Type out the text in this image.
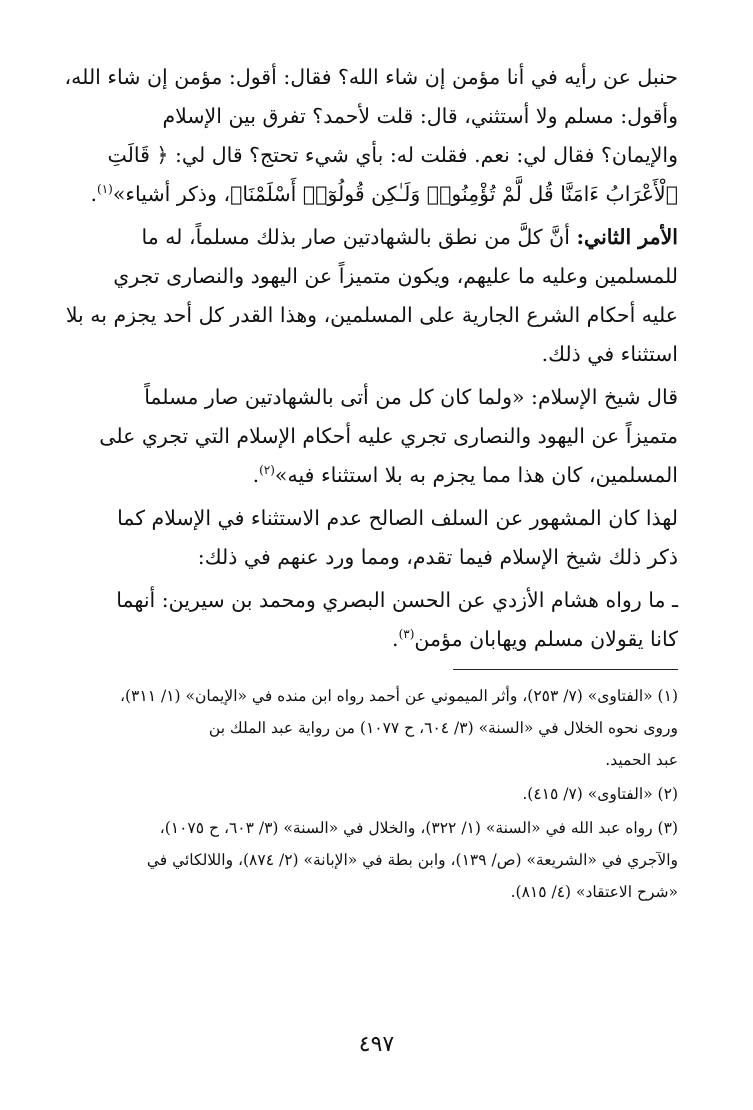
حنبل عن رأيه في أنا مؤمن إن شاء الله؟ فقال: أقول: مؤمن إن شاء الله،

وأقول: مسلم ولا أستثني، قال: قلت لأحمد؟ تفرق بين الإسلام

والإيمان؟ فقال لي: نعم. فقلت له: بأي شيء تحتج؟ قال لي: ﴿ قَالَتِ

ٱلْأَعْرَابُ ءَامَنَّا قُل لَّمْ تُؤْمِنُوا۟ وَلَـٰكِن قُولُوٓا۟ أَسْلَمْنَا﴾، وذكر أشياء»$^{(١)}$.

الأمر الثاني: أنَّ كلَّ من نطق بالشهادتين صار بذلك مسلماً، له ما

للمسلمين وعليه ما عليهم، ويكون متميزاً عن اليهود والنصارى تجري

عليه أحكام الشرع الجارية على المسلمين، وهذا القدر كل أحد يجزم به بلا

استثناء في ذلك.

قال شيخ الإسلام: «ولما كان كل من أتى بالشهادتين صار مسلماً

متميزاً عن اليهود والنصارى تجري عليه أحكام الإسلام التي تجري على

المسلمين، كان هذا مما يجزم به بلا استثناء فيه»$^{(٢)}$.

لهذا كان المشهور عن السلف الصالح عدم الاستثناء في الإسلام كما

ذكر ذلك شيخ الإسلام فيما تقدم، ومما ورد عنهم في ذلك:

ـ ما رواه هشام الأزدي عن الحسن البصري ومحمد بن سيرين: أنهما

كانا يقولان مسلم ويهابان مؤمن$^{(٣)}$.

(١) «الفتاوى» (٧/ ٢٥٣)، وأثر الميموني عن أحمد رواه ابن منده في «الإيمان» (١/ ٣١١)،

وروى نحوه الخلال في «السنة» (٣/ ٦٠٤، ح ١٠٧٧) من رواية عبد الملك بن

عبد الحميد.

(٢) «الفتاوى» (٧/ ٤١٥).

(٣) رواه عبد الله في «السنة» (١/ ٣٢٢)، والخلال في «السنة» (٣/ ٦٠٣، ح ١٠٧٥)،

والآجري في «الشريعة» (ص/ ١٣٩)، وابن بطة في «الإبانة» (٢/ ٨٧٤)، واللالكائي في

«شرح الاعتقاد» (٤/ ٨١٥).

٤٩٧
